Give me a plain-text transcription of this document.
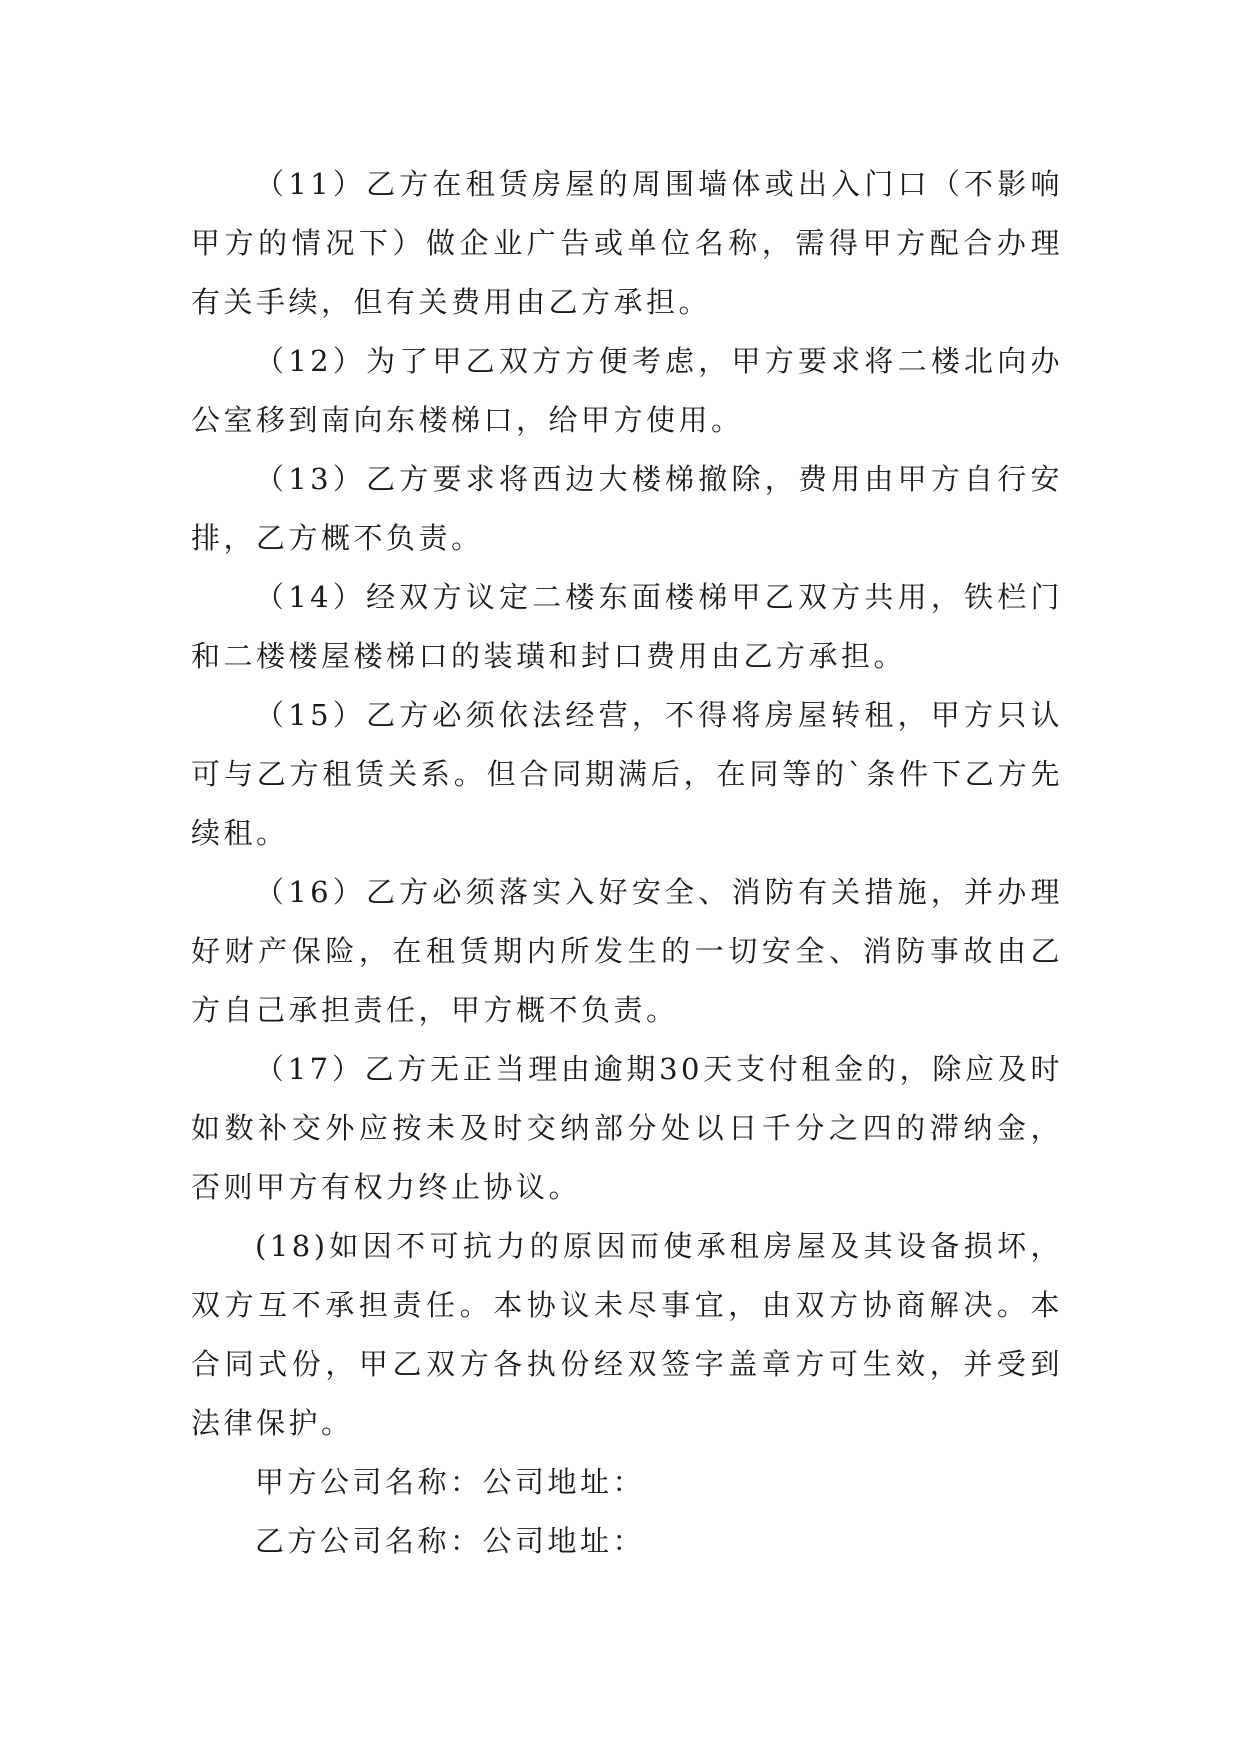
（11）乙方在租赁房屋的周围墙体或出入门口（不影响甲方的情况下）做企业广告或单位名称，需得甲方配合办理有关手续，但有关费用由乙方承担。

（12）为了甲乙双方方便考虑，甲方要求将二楼北向办公室移到南向东楼梯口，给甲方使用。

（13）乙方要求将西边大楼梯撤除，费用由甲方自行安排，乙方概不负责。

（14）经双方议定二楼东面楼梯甲乙双方共用，铁栏门和二楼楼屋楼梯口的装璜和封口费用由乙方承担。

（15）乙方必须依法经营，不得将房屋转租，甲方只认可与乙方租赁关系。但合同期满后，在同等的`条件下乙方先续租。

（16）乙方必须落实入好安全、消防有关措施，并办理好财产保险，在租赁期内所发生的一切安全、消防事故由乙方自己承担责任，甲方概不负责。

（17）乙方无正当理由逾期30天支付租金的，除应及时如数补交外应按未及时交纳部分处以日千分之四的滞纳金，否则甲方有权力终止协议。

(18)如因不可抗力的原因而使承租房屋及其设备损坏，双方互不承担责任。本协议未尽事宜，由双方协商解决。本合同式份，甲乙双方各执份经双签字盖章方可生效，并受到法律保护。

甲方公司名称：公司地址：

乙方公司名称：公司地址：
